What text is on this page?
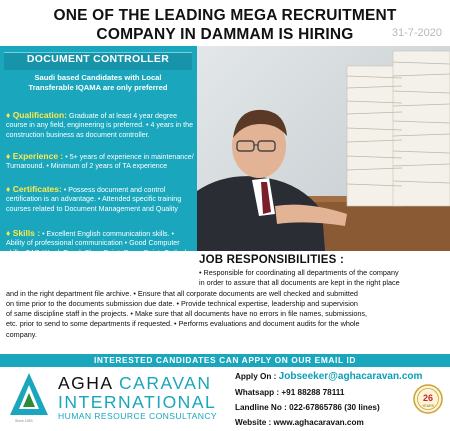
ONE OF THE LEADING MEGA RECRUITMENT
COMPANY IN DAMMAM IS HIRING	31-7-2020
DOCUMENT CONTROLLER
Saudi based Candidates with Local
Transferable IQAMA are only preferred
♦ Qualification: Graduate of at least 4 year degree course in any field, engineering is preferred. • 4 years in the construction business as document controller.
♦ Experience : • 5+ years of experience in maintenance/ Turnaround. • Minimum of 2 years of TA experience
♦ Certificates: • Possess document and control certification is an advantage. • Attended specific training courses related to Document Management and Quality
♦ Skills : • Excellent English communication skills. • Ability of professional communication • Good Computer skills: SAP, Word, Excel, SharePoint, PowerPoint, Outlook. • Able to deal with different nationalities • Flexible in working Schedule.
JOB RESPONSIBILITIES :
• Responsible for coordinating all departments of the company
in order to assure that all documents are kept in the right place
and in the right department file archive. • Ensure that all corporate documents are well checked and submitted
on time prior to the documents submission due date. • Provide technical expertise, leadership and supervision
of same discipline staff in the projects. • Make sure that all documents have no errors in file names, submissions,
etc. prior to send to some departments if requested. • Performs evaluations and document audits for the whole
company.
INTERESTED CANDIDATES CAN APPLY ON OUR EMAIL ID
Since 1983
AGHA CARAVAN
INTERNATIONAL
HUMAN RESOURCE CONSULTANCY
Apply On : Jobseeker@aghacaravan.com
Whatsapp : +91 88288 78111
Landline No : 022-67865786 (30 lines)
Website : www.aghacaravan.com
26
YEARS
